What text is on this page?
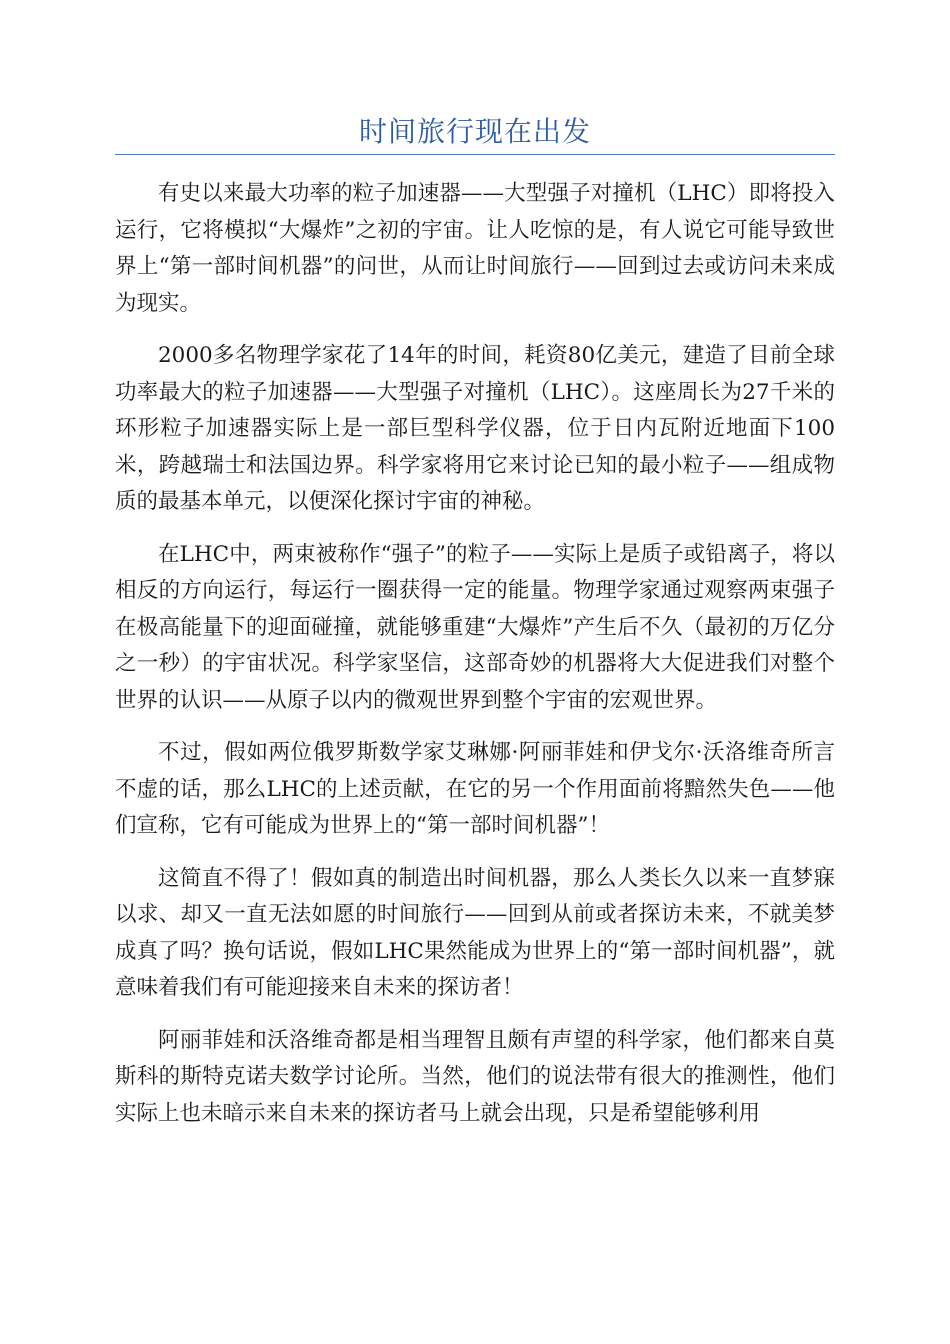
时间旅行现在出发

有史以来最大功率的粒子加速器——大型强子对撞机（LHC）即将投入运行，它将模拟“大爆炸”之初的宇宙。让人吃惊的是，有人说它可能导致世界上“第一部时间机器”的问世，从而让时间旅行——回到过去或访问未来成为现实。

2000多名物理学家花了14年的时间，耗资80亿美元，建造了目前全球功率最大的粒子加速器——大型强子对撞机（LHC）。这座周长为27千米的环形粒子加速器实际上是一部巨型科学仪器，位于日内瓦附近地面下100米，跨越瑞士和法国边界。科学家将用它来讨论已知的最小粒子——组成物质的最基本单元，以便深化探讨宇宙的神秘。

在LHC中，两束被称作“强子”的粒子——实际上是质子或铅离子，将以相反的方向运行，每运行一圈获得一定的能量。物理学家通过观察两束强子在极高能量下的迎面碰撞，就能够重建“大爆炸”产生后不久（最初的万亿分之一秒）的宇宙状况。科学家坚信，这部奇妙的机器将大大促进我们对整个世界的认识——从原子以内的微观世界到整个宇宙的宏观世界。

不过，假如两位俄罗斯数学家艾琳娜·阿丽菲娃和伊戈尔·沃洛维奇所言不虚的话，那么LHC的上述贡献，在它的另一个作用面前将黯然失色——他们宣称，它有可能成为世界上的“第一部时间机器”！

这简直不得了！假如真的制造出时间机器，那么人类长久以来一直梦寐以求、却又一直无法如愿的时间旅行——回到从前或者探访未来，不就美梦成真了吗？换句话说，假如LHC果然能成为世界上的“第一部时间机器”，就意味着我们有可能迎接来自未来的探访者！

阿丽菲娃和沃洛维奇都是相当理智且颇有声望的科学家，他们都来自莫斯科的斯特克诺夫数学讨论所。当然，他们的说法带有很大的推测性，他们实际上也未暗示来自未来的探访者马上就会出现，只是希望能够利用
